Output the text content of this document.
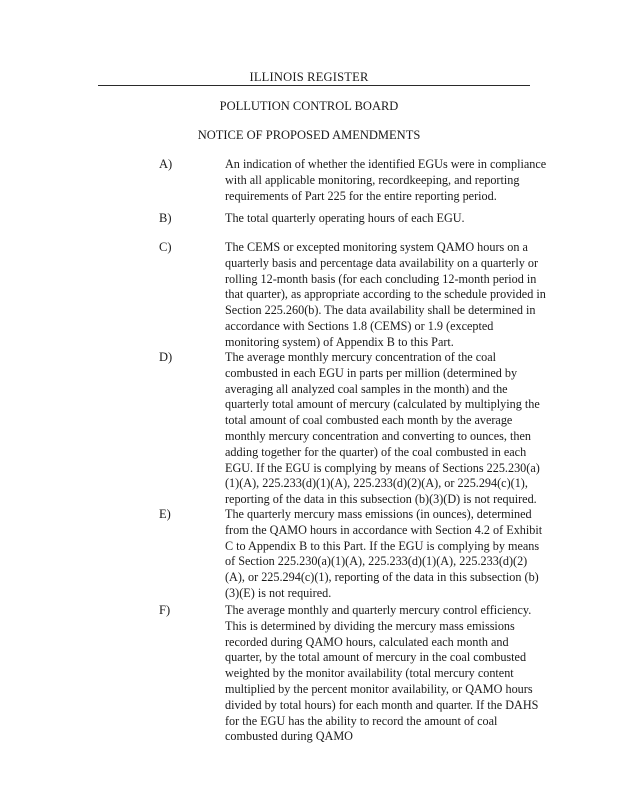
ILLINOIS REGISTER
POLLUTION CONTROL BOARD
NOTICE OF PROPOSED AMENDMENTS
A)	An indication of whether the identified EGUs were in compliance with all applicable monitoring, recordkeeping, and reporting requirements of Part 225 for the entire reporting period.
B)	The total quarterly operating hours of each EGU.
C)	The CEMS or excepted monitoring system QAMO hours on a quarterly basis and percentage data availability on a quarterly or rolling 12-month basis (for each concluding 12-month period in that quarter), as appropriate according to the schedule provided in Section 225.260(b). The data availability shall be determined in accordance with Sections 1.8 (CEMS) or 1.9 (excepted monitoring system) of Appendix B to this Part.
D)	The average monthly mercury concentration of the coal combusted in each EGU in parts per million (determined by averaging all analyzed coal samples in the month) and the quarterly total amount of mercury (calculated by multiplying the total amount of coal combusted each month by the average monthly mercury concentration and converting to ounces, then adding together for the quarter) of the coal combusted in each EGU. If the EGU is complying by means of Sections 225.230(a)(1)(A), 225.233(d)(1)(A), 225.233(d)(2)(A), or 225.294(c)(1), reporting of the data in this subsection (b)(3)(D) is not required.
E)	The quarterly mercury mass emissions (in ounces), determined from the QAMO hours in accordance with Section 4.2 of Exhibit C to Appendix B to this Part. If the EGU is complying by means of Section 225.230(a)(1)(A), 225.233(d)(1)(A), 225.233(d)(2)(A), or 225.294(c)(1), reporting of the data in this subsection (b)(3)(E) is not required.
F)	The average monthly and quarterly mercury control efficiency. This is determined by dividing the mercury mass emissions recorded during QAMO hours, calculated each month and quarter, by the total amount of mercury in the coal combusted weighted by the monitor availability (total mercury content multiplied by the percent monitor availability, or QAMO hours divided by total hours) for each month and quarter. If the DAHS for the EGU has the ability to record the amount of coal combusted during QAMO
